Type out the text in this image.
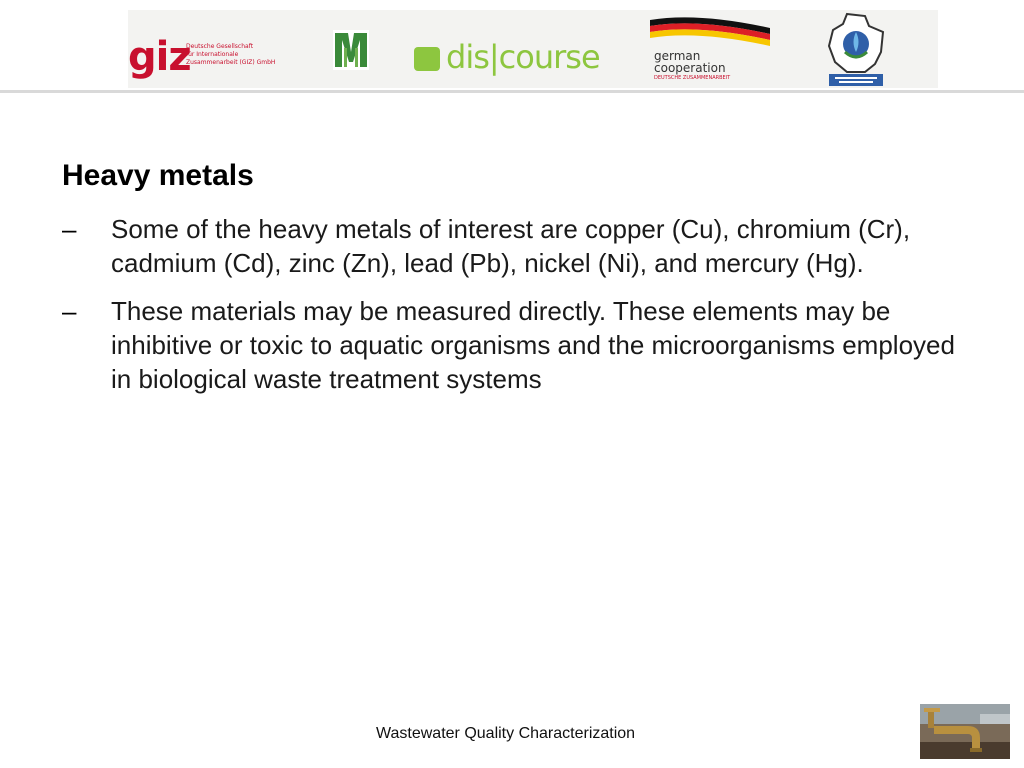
giz
Deutsche Gesellschaft
für Internationale
Zusammenarbeit (GIZ) GmbH	dis|course	german
cooperation
DEUTSCHE ZUSAMMENARBEIT
Heavy metals
– Some of the heavy metals of interest are copper (Cu), chromium (Cr), cadmium (Cd), zinc (Zn), lead (Pb), nickel (Ni), and mercury (Hg).
– These materials may be measured directly. These elements may be inhibitive or toxic to aquatic organisms and the microorganisms employed in biological waste treatment systems
Wastewater Quality Characterization
